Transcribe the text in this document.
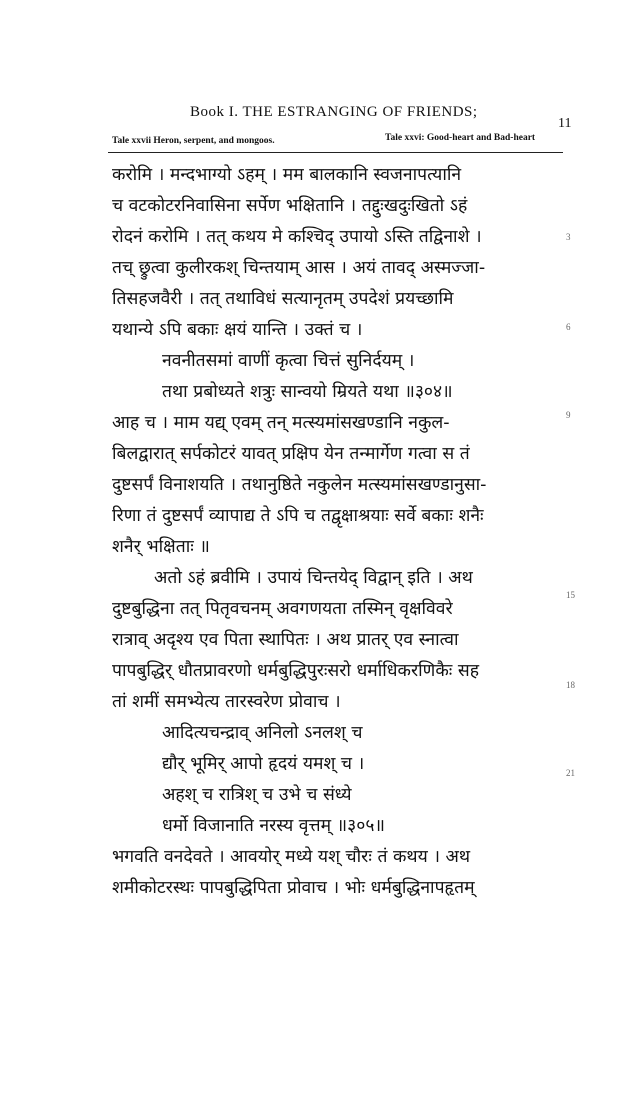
Book I. THE ESTRANGING OF FRIENDS;
11
Tale xxvii Heron, serpent, and mongoos.	Tale xxvi: Good-heart and Bad-heart
करोमि । मन्दभाग्यो ऽहम् । मम बालकानि स्वजनापत्यानि
च वटकोटरनिवासिना सर्पेण भक्षितानि । तद्दुःखदुःखितो ऽहं
रोदनं करोमि । तत् कथय मे कश्चिद् उपायो ऽस्ति तद्विनाशे ।
तच् छ्रुत्वा कुलीरकश् चिन्तयाम् आस । अयं तावद् अस्मज्जा-
तिसहजवैरी । तत् तथाविधं सत्यानृतम् उपदेशं प्रयच्छामि
यथान्ये ऽपि बकाः क्षयं यान्ति । उक्तं च ।
नवनीतसमां वाणीं कृत्वा चित्तं सुनिर्दयम् ।
तथा प्रबोध्यते शत्रुः सान्वयो म्रियते यथा ॥३०४॥
आह च । माम यद्य् एवम् तन् मत्स्यमांसखण्डानि नकुल-
बिलद्वारात् सर्पकोटरं यावत् प्रक्षिप येन तन्मार्गेण गत्वा स तं
दुष्टसर्पं विनाशयति । तथानुष्ठिते नकुलेन मत्स्यमांसखण्डानुसा-
रिणा तं दुष्टसर्पं व्यापाद्य ते ऽपि च तद्वृक्षाश्रयाः सर्वे बकाः शनैः
शनैर् भक्षिताः ॥
अतो ऽहं ब्रवीमि । उपायं चिन्तयेद् विद्वान् इति । अथ
दुष्टबुद्धिना तत् पितृवचनम् अवगणयता तस्मिन् वृक्षविवरे
रात्राव् अदृश्य एव पिता स्थापितः । अथ प्रातर् एव स्नात्वा
पापबुद्धिर् धौतप्रावरणो धर्मबुद्धिपुरःसरो धर्माधिकरणिकैः सह
तां शमीं समभ्येत्य तारस्वरेण प्रोवाच ।
आदित्यचन्द्राव् अनिलो ऽनलश् च
द्यौर् भूमिर् आपो हृदयं यमश् च ।
अहश् च रात्रिश् च उभे च संध्ये
धर्मो विजानाति नरस्य वृत्तम् ॥३०५॥
भगवति वनदेवते । आवयोर् मध्ये यश् चौरः तं कथय । अथ
शमीकोटरस्थः पापबुद्धिपिता प्रोवाच । भोः धर्मबुद्धिनापहृतम्
3
6
9
15
18
21
